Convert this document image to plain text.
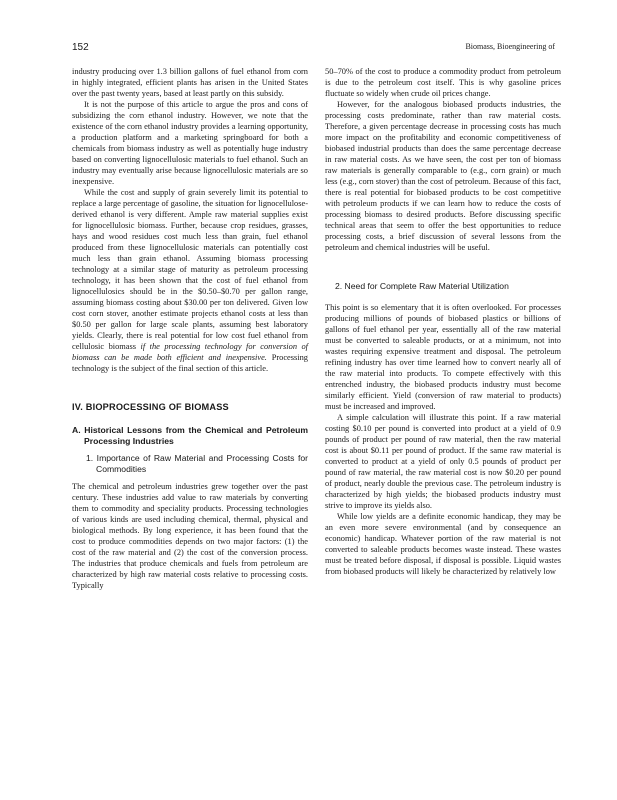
152	Biomass, Bioengineering of

industry producing over 1.3 billion gallons of fuel ethanol from corn in highly integrated, efficient plants has arisen in the United States over the past twenty years, based at least partly on this subsidy.

It is not the purpose of this article to argue the pros and cons of subsidizing the corn ethanol industry. However, we note that the existence of the corn ethanol industry provides a learning opportunity, a production platform and a marketing springboard for both a chemicals from biomass industry as well as potentially huge industry based on converting lignocellulosic materials to fuel ethanol. Such an industry may eventually arise because lignocellulosic materials are so inexpensive.

While the cost and supply of grain severely limit its potential to replace a large percentage of gasoline, the situation for lignocellulose-derived ethanol is very different. Ample raw material supplies exist for lignocellulosic biomass. Further, because crop residues, grasses, hays and wood residues cost much less than grain, fuel ethanol produced from these lignocellulosic materials can potentially cost much less than grain ethanol. Assuming biomass processing technology at a similar stage of maturity as petroleum processing technology, it has been shown that the cost of fuel ethanol from lignocellulosics should be in the $0.50–$0.70 per gallon range, assuming biomass costing about $30.00 per ton delivered. Given low cost corn stover, another estimate projects ethanol costs at less than $0.50 per gallon for large scale plants, assuming best laboratory yields. Clearly, there is real potential for low cost fuel ethanol from cellulosic biomass if the processing technology for conversion of biomass can be made both efficient and inexpensive. Processing technology is the subject of the final section of this article.

IV. BIOPROCESSING OF BIOMASS
A. Historical Lessons from the Chemical and Petroleum Processing Industries
1. Importance of Raw Material and Processing Costs for Commodities

The chemical and petroleum industries grew together over the past century. These industries add value to raw materials by converting them to commodity and speciality products. Processing technologies of various kinds are used including chemical, thermal, physical and biological methods. By long experience, it has been found that the cost to produce commodities depends on two major factors: (1) the cost of the raw material and (2) the cost of the conversion process. The industries that produce chemicals and fuels from petroleum are characterized by high raw material costs relative to processing costs. Typically

50–70% of the cost to produce a commodity product from petroleum is due to the petroleum cost itself. This is why gasoline prices fluctuate so widely when crude oil prices change.

However, for the analogous biobased products industries, the processing costs predominate, rather than raw material costs. Therefore, a given percentage decrease in processing costs has much more impact on the profitability and economic competitiveness of biobased industrial products than does the same percentage decrease in raw material costs. As we have seen, the cost per ton of biomass raw materials is generally comparable to (e.g., corn grain) or much less (e.g., corn stover) than the cost of petroleum. Because of this fact, there is real potential for biobased products to be cost competitive with petroleum products if we can learn how to reduce the costs of processing biomass to desired products. Before discussing specific technical areas that seem to offer the best opportunities to reduce processing costs, a brief discussion of several lessons from the petroleum and chemical industries will be useful.

2. Need for Complete Raw Material Utilization

This point is so elementary that it is often overlooked. For processes producing millions of pounds of biobased plastics or billions of gallons of fuel ethanol per year, essentially all of the raw material must be converted to saleable products, or at a minimum, not into wastes requiring expensive treatment and disposal. The petroleum refining industry has over time learned how to convert nearly all of the raw material into products. To compete effectively with this entrenched industry, the biobased products industry must become similarly efficient. Yield (conversion of raw material to products) must be increased and improved.

A simple calculation will illustrate this point. If a raw material costing $0.10 per pound is converted into product at a yield of 0.9 pounds of product per pound of raw material, then the raw material cost is about $0.11 per pound of product. If the same raw material is converted to product at a yield of only 0.5 pounds of product per pound of raw material, the raw material cost is now $0.20 per pound of product, nearly double the previous case. The petroleum industry is characterized by high yields; the biobased products industry must strive to improve its yields also.

While low yields are a definite economic handicap, they may be an even more severe environmental (and by consequence an economic) handicap. Whatever portion of the raw material is not converted to saleable products becomes waste instead. These wastes must be treated before disposal, if disposal is possible. Liquid wastes from biobased products will likely be characterized by relatively low
